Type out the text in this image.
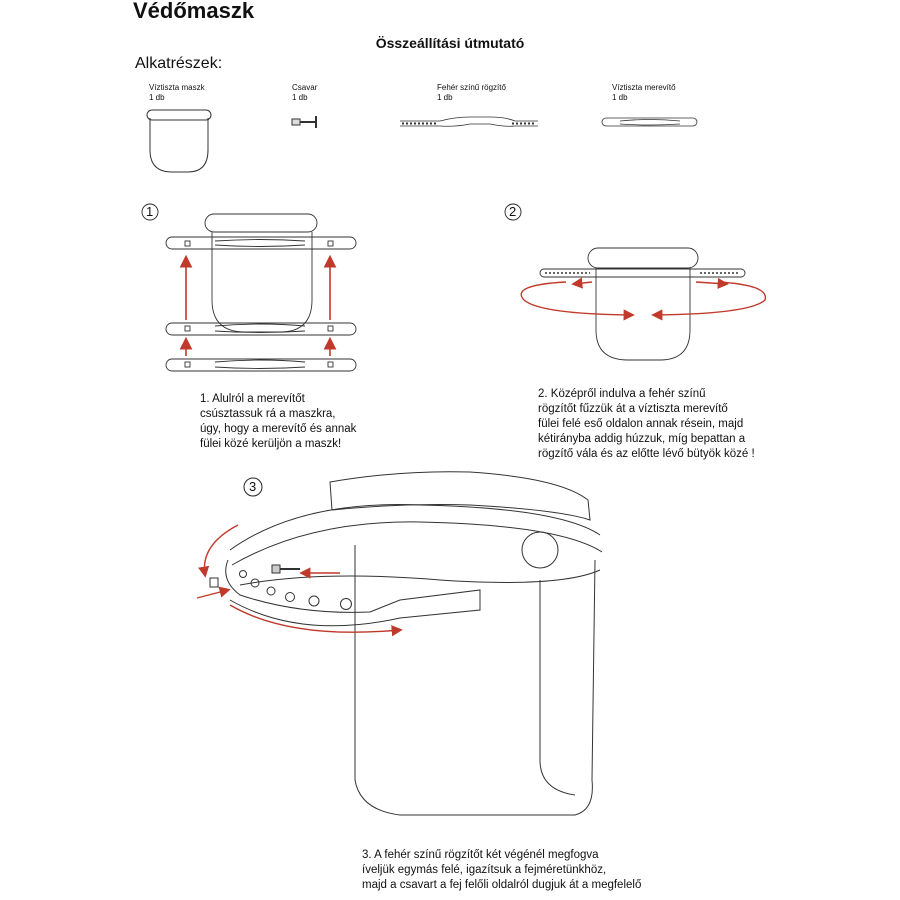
Védőmaszk
Összeállítási útmutató
Alkatrészek:
Víztiszta maszk
1 db
Csavar
1 db
Fehér színű rögzítő
1 db
Víztiszta merevítő
1 db
1	2
3
1. Alulról a merevítőt
csúsztassuk rá a maszkra,
úgy, hogy a merevítő és annak
fülei közé kerüljön a maszk!
2. Középről indulva a fehér színű
rögzítőt fűzzük át a víztiszta merevítő
fülei felé eső oldalon annak résein, majd
kétirányba addig húzzuk, míg bepattan a
rögzítő vála és az előtte lévő bütyök közé !
3. A fehér színű rögzítőt két végénél megfogva
íveljük egymás felé, igazítsuk a fejméretünkhöz,
majd a csavart a fej felőli oldalról dugjuk át a megfelelő
